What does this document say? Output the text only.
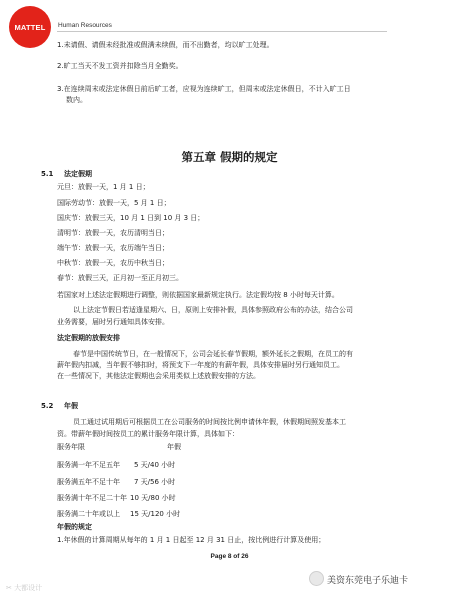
MATTEL	Human Resources
1.未请假、请假未经批准或假满未续假，而不出勤者，均以旷工处理。
2.旷工当天不发工资并扣除当月全勤奖。
3.在连续周末或法定休假日前后旷工者，应视为连续旷工，但周末或法定休假日，不计入旷工日
数内。
第五章 假期的规定
5.1 法定假期
元旦：放假一天，1 月 1 日；
国际劳动节：放假一天，5 月 1 日；
国庆节：放假三天，10 月 1 日到 10 月 3 日；
清明节：放假一天，农历清明当日；
端午节：放假一天，农历端午当日；
中秋节：放假一天，农历中秋当日；
春节：放假三天，正月初一至正月初三。
若国家对上述法定假期进行调整，则依据国家最新规定执行。法定假均按 8 小时每天计算。
以上法定节假日若适逢星期六、日，原则上安排补假，具体参照政府公布的办法，结合公司
业务需要，届时另行通知具体安排。
法定假期的放假安排
春节是中国传统节日，在一般情况下，公司会延长春节假期，额外延长之假期，在员工的有
薪年假内扣减，当年假不够扣时，将预支下一年度的有薪年假，具体安排届时另行通知员工。
在一些情况下，其他法定假期也会采用类似上述放假安排的方法。
5.2 年假
员工通过试用期后可根据员工在公司服务的时间按比例申请休年假，休假期间照发基本工
资。带薪年假时间按员工的累计服务年限计算，具体如下：
服务年限	年假
服务满一年不足五年 5 天/40 小时
服务满五年不足十年 7 天/56 小时
服务满十年不足二十年 10 天/80 小时
服务满二十年或以上 15 天/120 小时
年假的规定
1.年休假的计算周期从每年的 1 月 1 日起至 12 月 31 日止，按比例进行计算及使用；
Page 8 of 26
✂ 大都设计
美资东莞电子乐迪卡
